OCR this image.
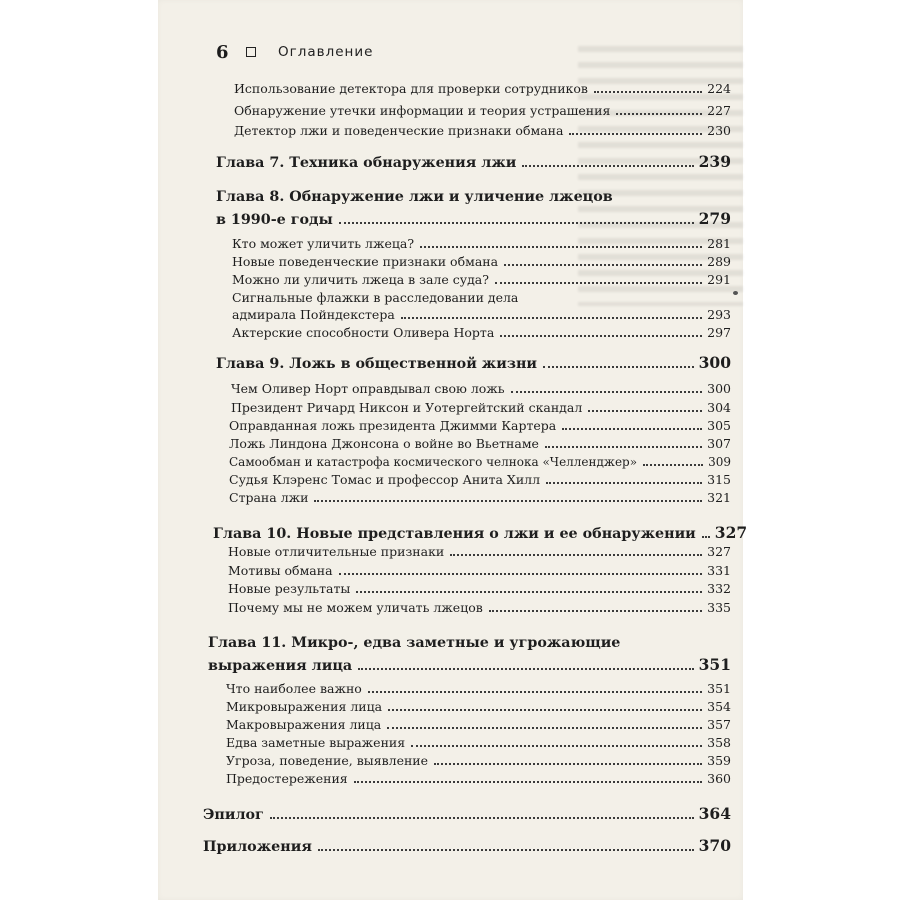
6	Оглавление
Использование детектора для проверки сотрудников	224
Обнаружение утечки информации и теория устрашения	227
Детектор лжи и поведенческие признаки обмана	230
Глава 7. Техника обнаружения лжи	239
Глава 8. Обнаружение лжи и уличение лжецов
в 1990-е годы	279
Кто может уличить лжеца?	281
Новые поведенческие признаки обмана	289
Можно ли уличить лжеца в зале суда?	291
Сигнальные флажки в расследовании дела
адмирала Пойндекстера	293
Актерские способности Оливера Норта	297
Глава 9. Ложь в общественной жизни	300
Чем Оливер Норт оправдывал свою ложь	300
Президент Ричард Никсон и Уотергейтский скандал	304
Оправданная ложь президента Джимми Картера	305
Ложь Линдона Джонсона о войне во Вьетнаме	307
Самообман и катастрофа космического челнока «Челленджер»	309
Судья Клэренс Томас и профессор Анита Хилл	315
Страна лжи	321
Глава 10. Новые представления о лжи и ее обнаружении 327
Новые отличительные признаки	327
Мотивы обмана	331
Новые результаты	332
Почему мы не можем уличать лжецов	335
Глава 11. Микро-, едва заметные и угрожающие
выражения лица	351
Что наиболее важно	351
Микровыражения лица	354
Макровыражения лица	357
Едва заметные выражения	358
Угроза, поведение, выявление	359
Предостережения	360
Эпилог	364
Приложения	370
